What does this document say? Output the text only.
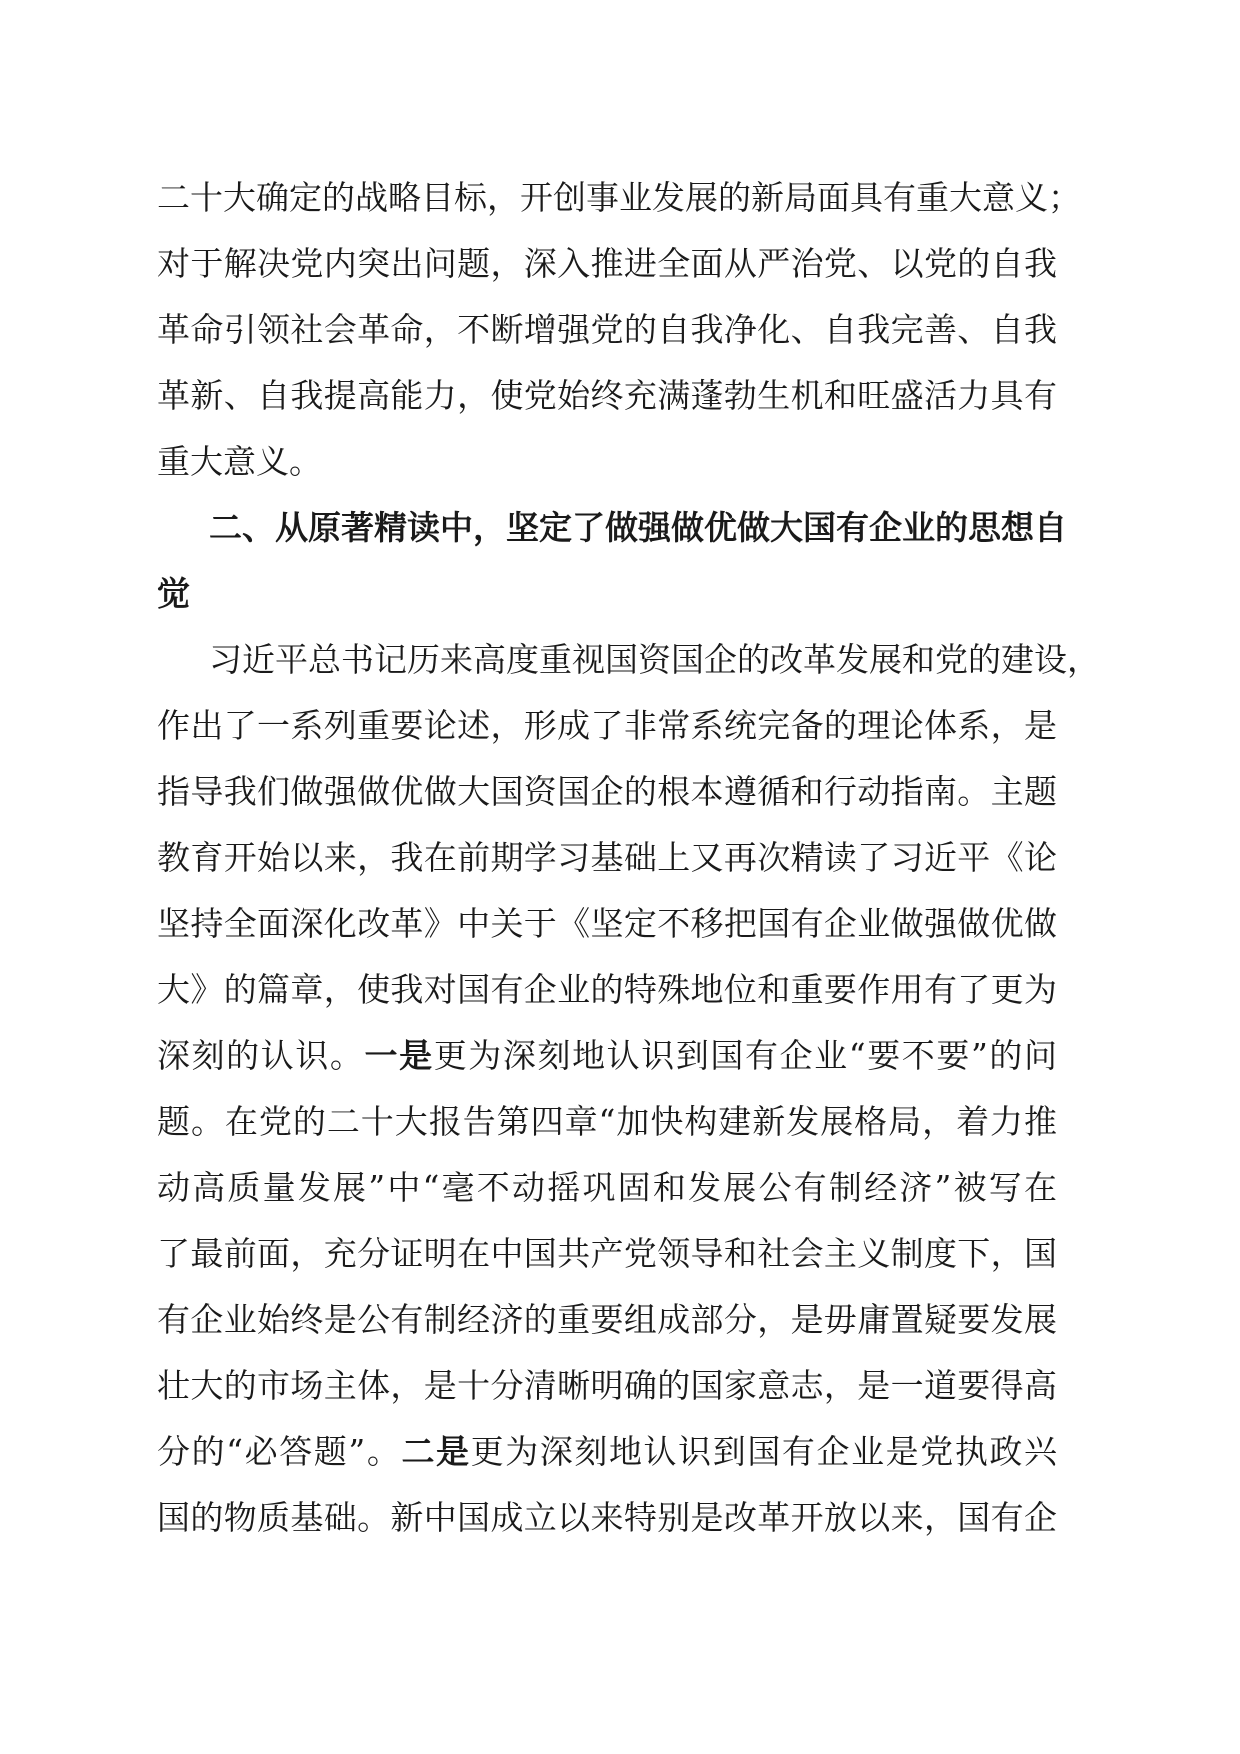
二十大确定的战略目标，开创事业发展的新局面具有重大意义；
对于解决党内突出问题，深入推进全面从严治党、以党的自我
革命引领社会革命，不断增强党的自我净化、自我完善、自我
革新、自我提高能力，使党始终充满蓬勃生机和旺盛活力具有
重大意义。
二、从原著精读中，坚定了做强做优做大国有企业的思想自
觉
习近平总书记历来高度重视国资国企的改革发展和党的建设，
作出了一系列重要论述，形成了非常系统完备的理论体系，是
指导我们做强做优做大国资国企的根本遵循和行动指南。主题
教育开始以来，我在前期学习基础上又再次精读了习近平《论
坚持全面深化改革》中关于《坚定不移把国有企业做强做优做
大》的篇章，使我对国有企业的特殊地位和重要作用有了更为
深刻的认识。一是更为深刻地认识到国有企业“要不要”的问
题。在党的二十大报告第四章“加快构建新发展格局，着力推
动高质量发展”中“毫不动摇巩固和发展公有制经济”被写在
了最前面，充分证明在中国共产党领导和社会主义制度下，国
有企业始终是公有制经济的重要组成部分，是毋庸置疑要发展
壮大的市场主体，是十分清晰明确的国家意志，是一道要得高
分的“必答题”。二是更为深刻地认识到国有企业是党执政兴
国的物质基础。新中国成立以来特别是改革开放以来，国有企
